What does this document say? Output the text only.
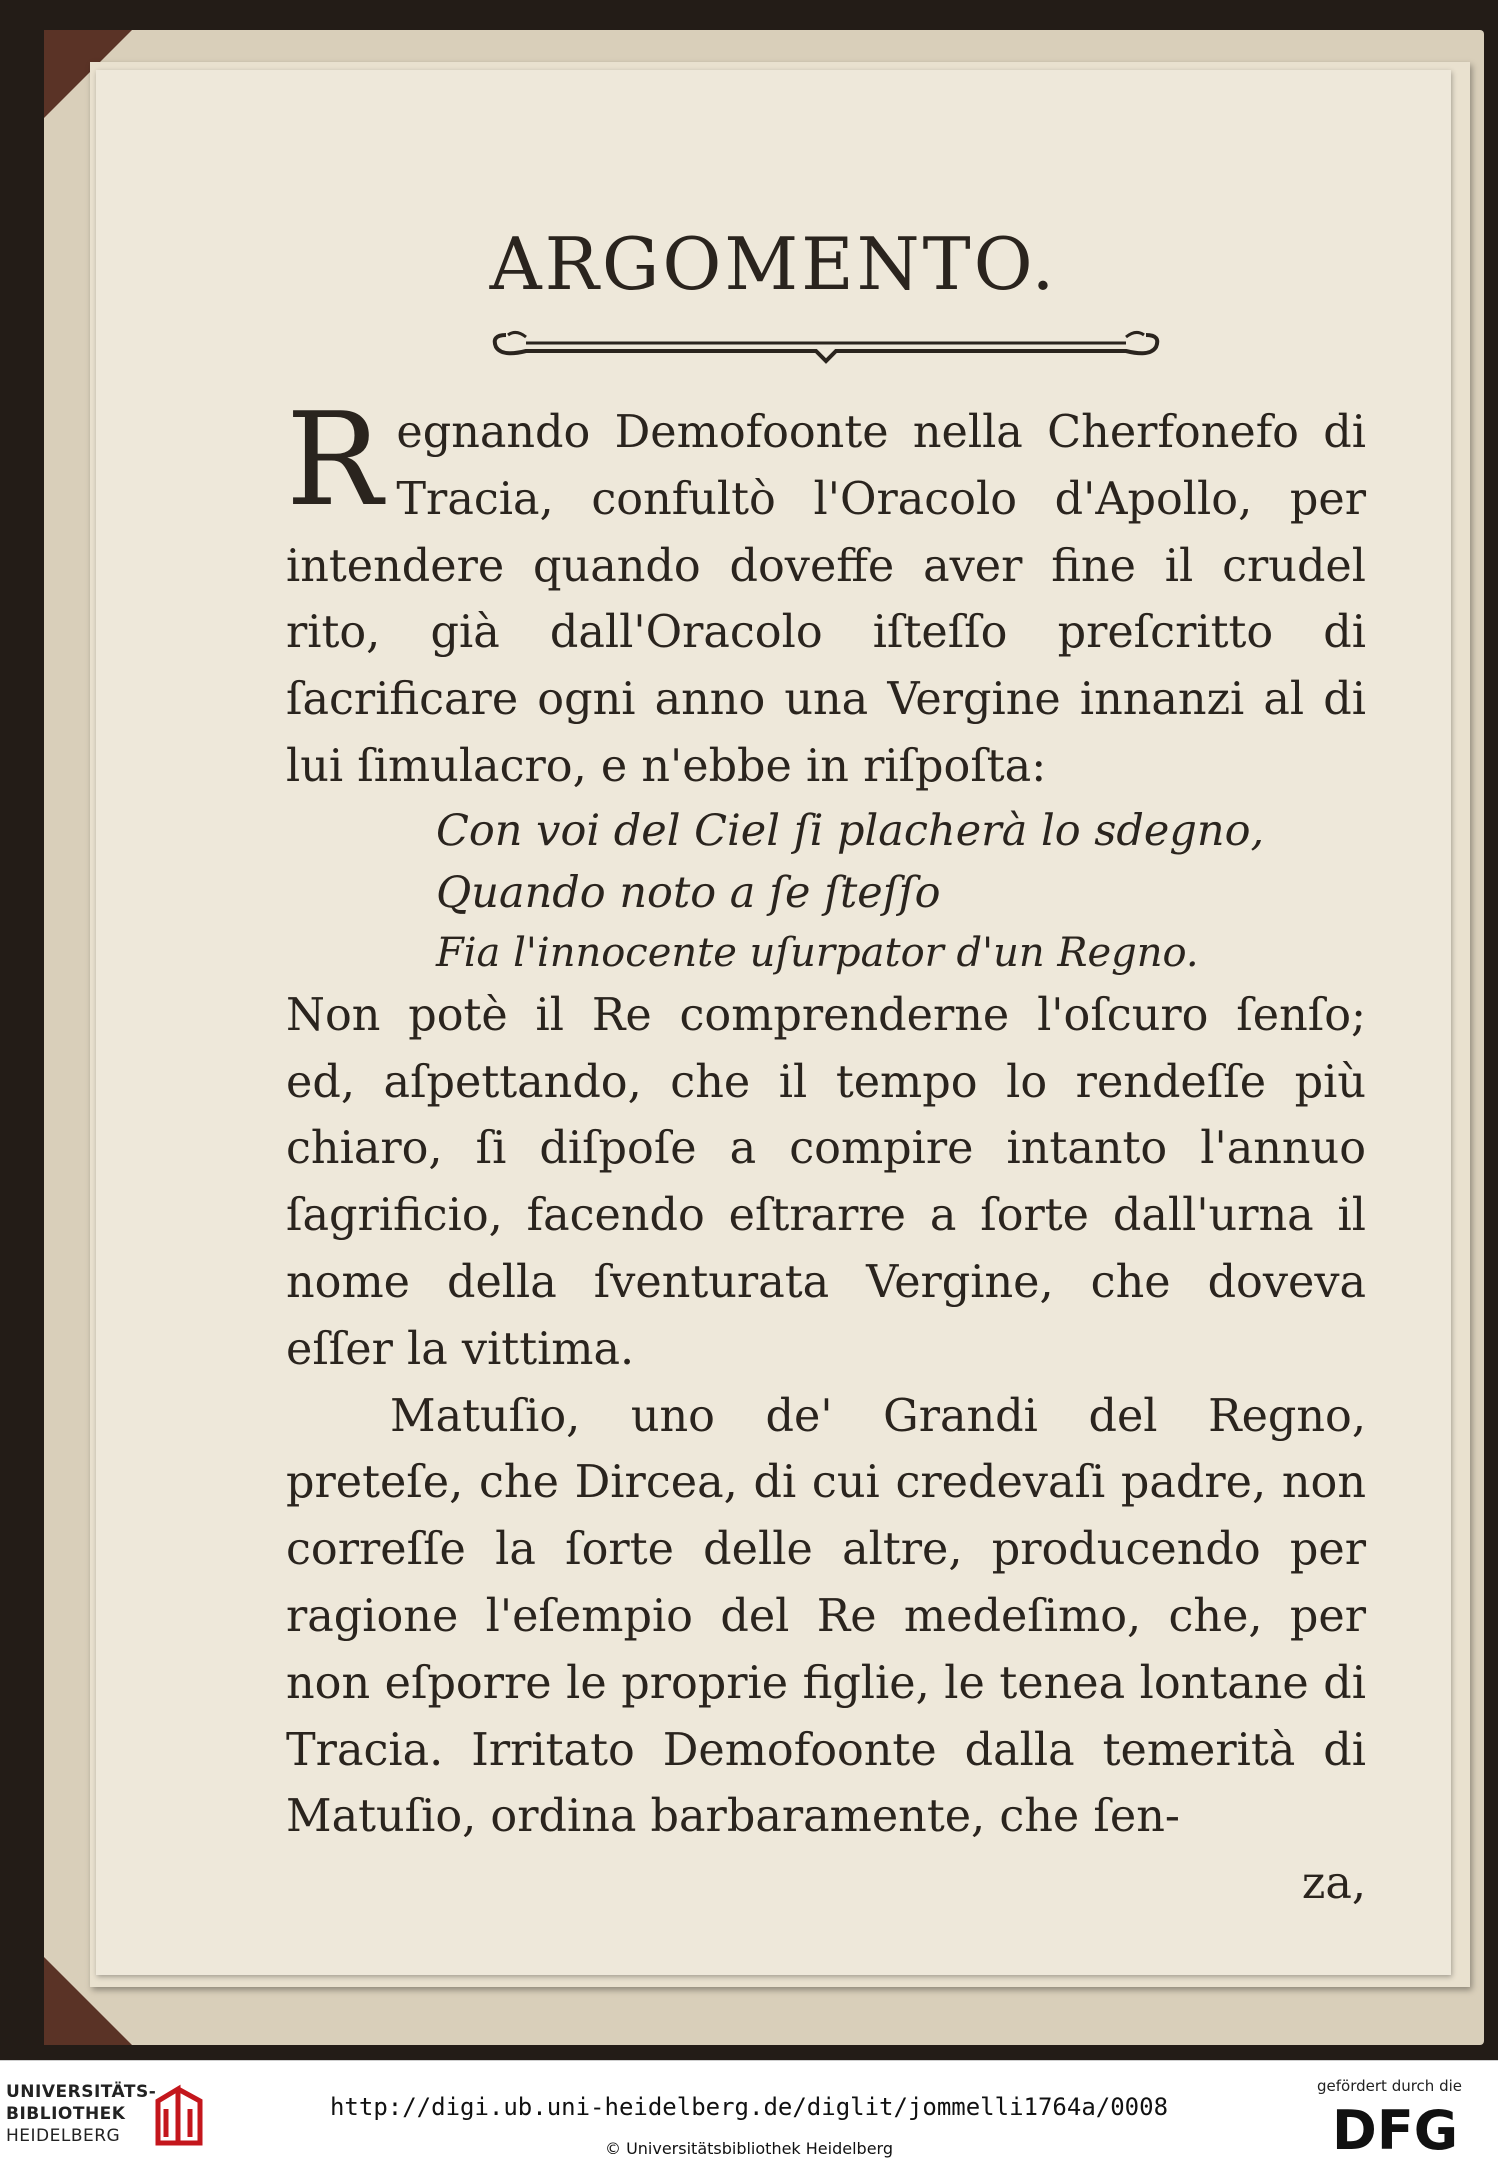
ARGOMENTO.

Regnando Demofoonte nella Cherfonefo di Tracia, confultò l'Oracolo d'Apollo, per intendere quando doveffe aver fine il crudel rito, già dall'Oracolo iſteſſo preſcritto di ſacrificare ogni anno una Vergine innanzi al di lui ſimulacro, e n'ebbe in riſpoſta:

Con voi del Ciel ſi placherà lo sdegno,
Quando noto a ſe ſteſſo
Fia l'innocente uſurpator d'un Regno.

Non potè il Re comprenderne l'oſcuro ſenſo; ed, aſpettando, che il tempo lo rendeſſe più chiaro, ſi diſpoſe a compire intanto l'annuo ſagrificio, facendo eſtrarre a ſorte dall'urna il nome della ſventurata Vergine, che doveva eſſer la vittima.

Matuſio, uno de' Grandi del Regno, preteſe, che Dircea, di cui credevaſi padre, non correſſe la ſorte delle altre, producendo per ragione l'eſempio del Re medeſimo, che, per non eſporre le proprie figlie, le tenea lontane di Tracia. Irritato Demofoonte dalla temerità di Matuſio, ordina barbaramente, che ſen-

za,

UNIVERSITÄTS-
BIBLIOTHEK
HEIDELBERG
http://digi.ub.uni-heidelberg.de/diglit/jommelli1764a/0008
© Universitätsbibliothek Heidelberg
gefördert durch die
DFG
